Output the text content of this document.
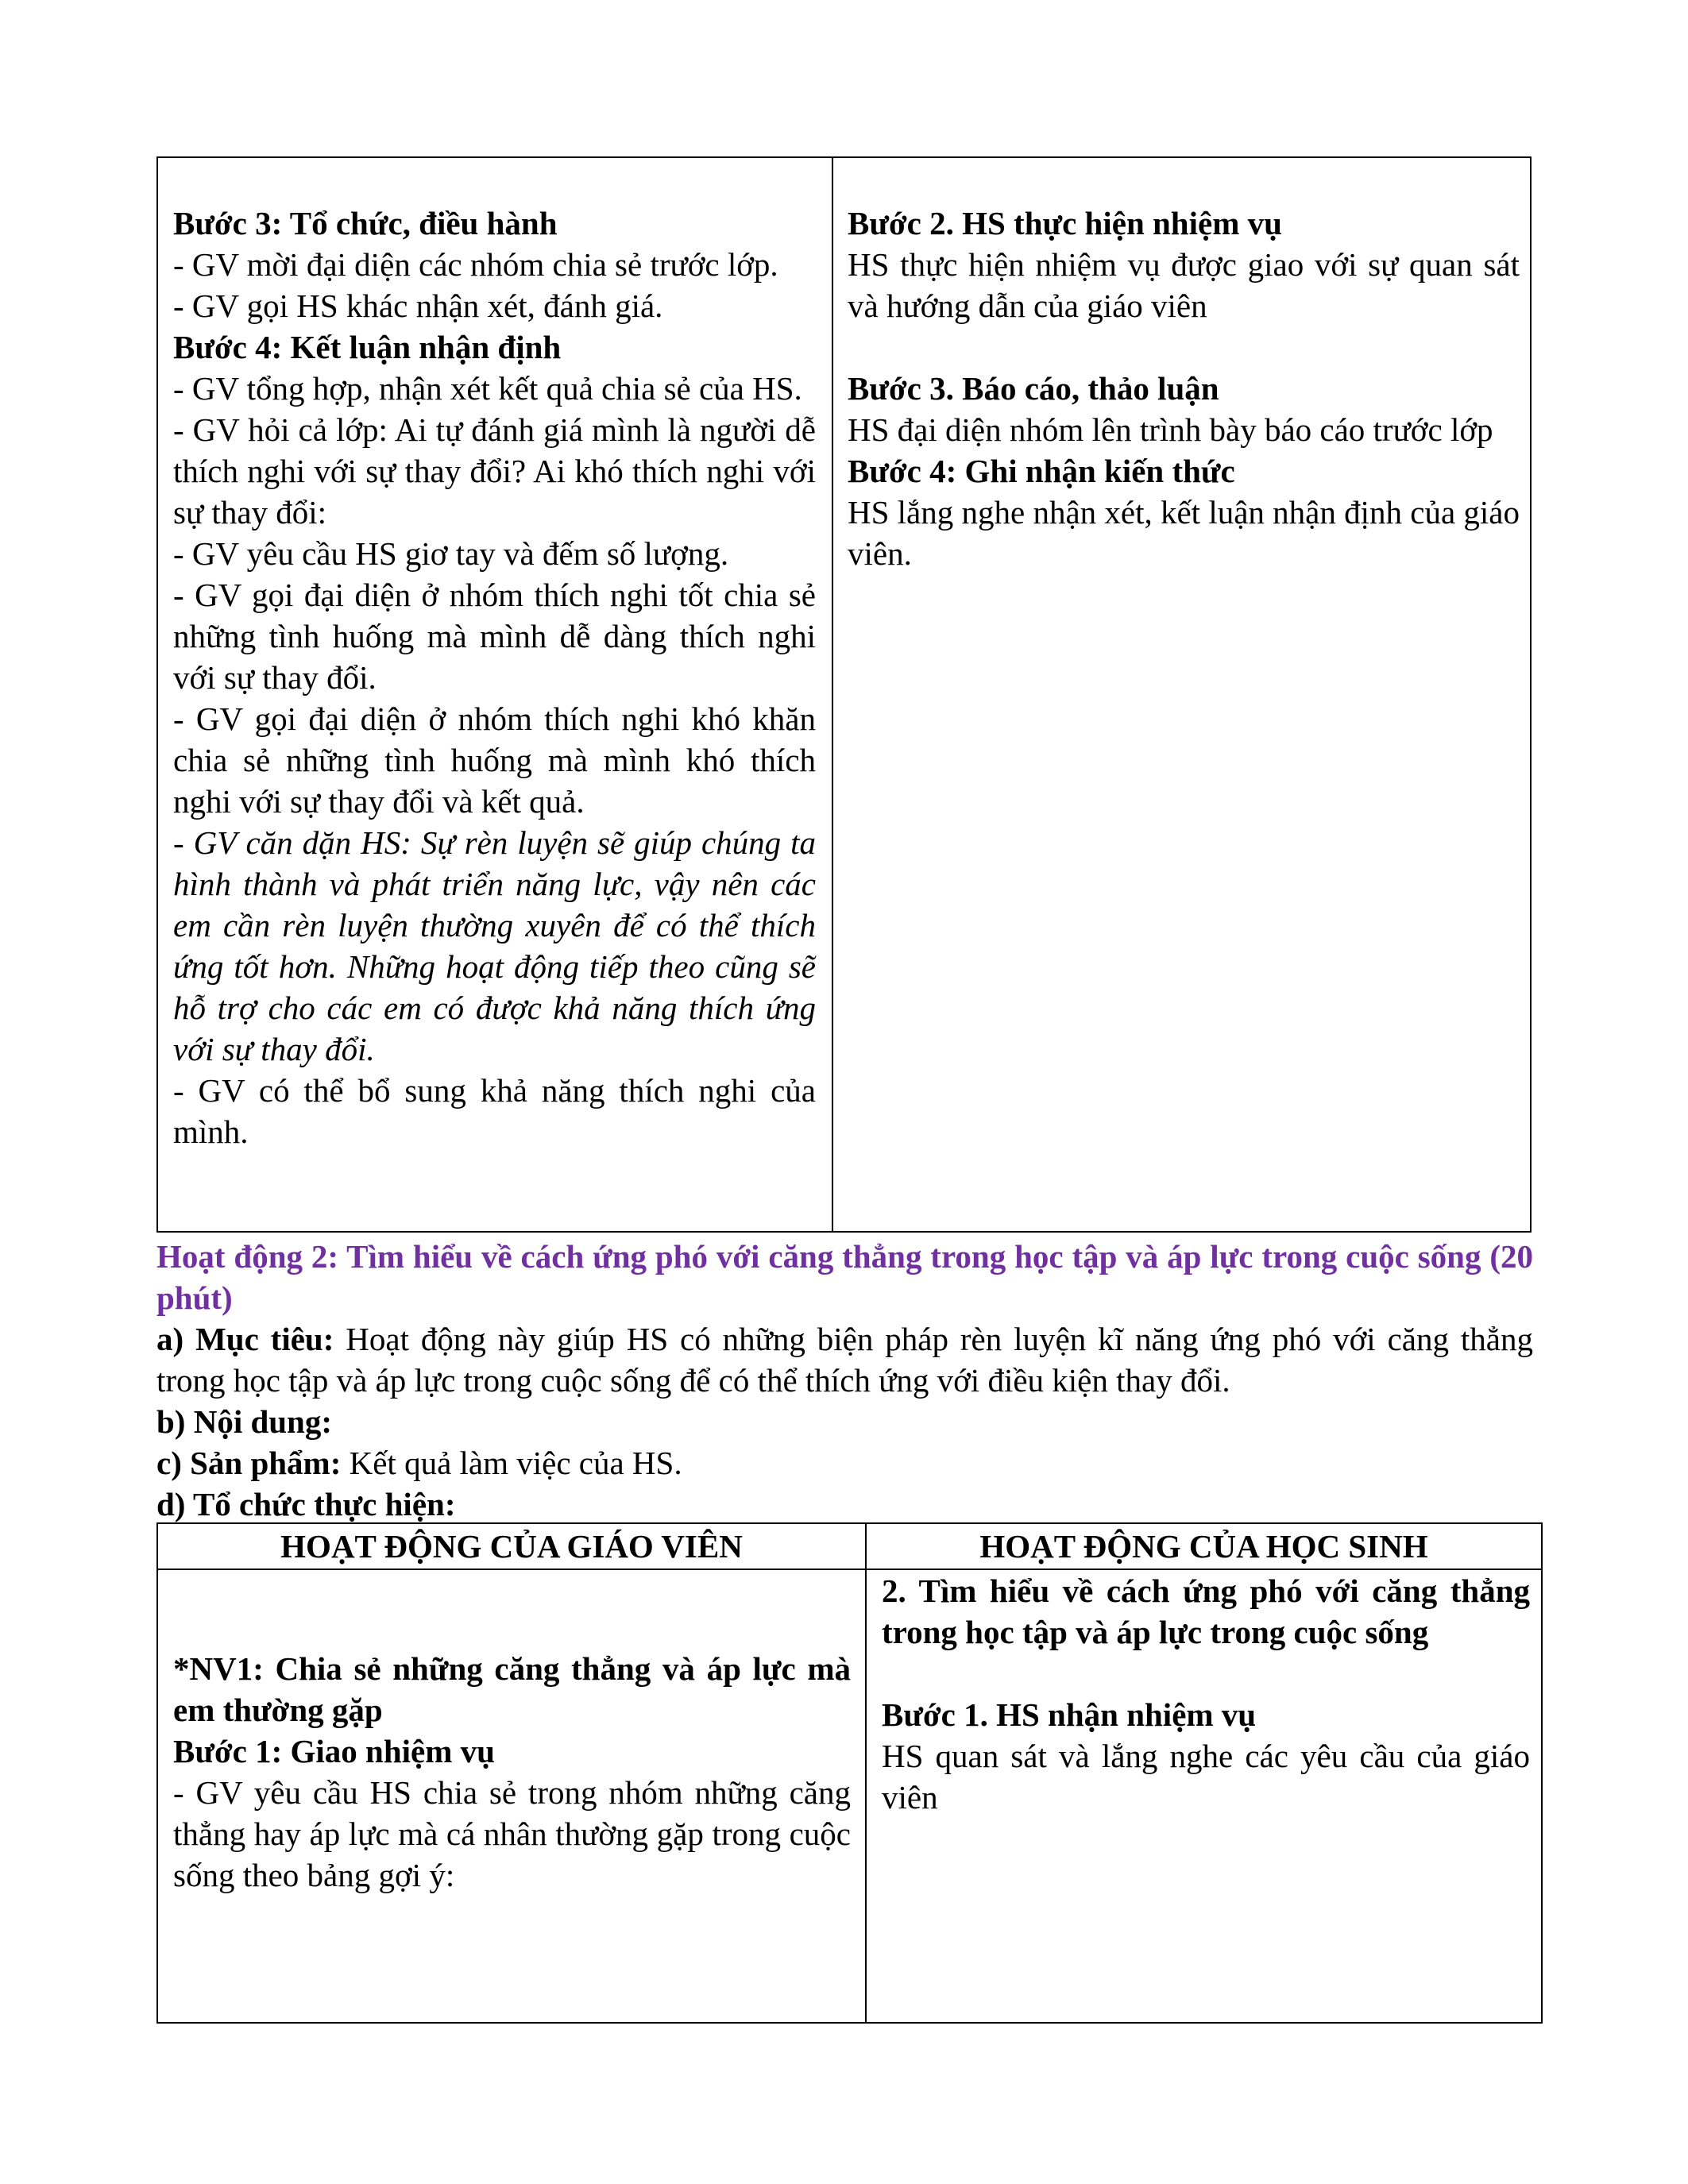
Bước 3: Tổ chức, điều hành

- GV mời đại diện các nhóm chia sẻ trước lớp.

- GV gọi HS khác nhận xét, đánh giá.

Bước 4: Kết luận nhận định

- GV tổng hợp, nhận xét kết quả chia sẻ của HS.

- GV hỏi cả lớp: Ai tự đánh giá mình là người dễ thích nghi với sự thay đổi? Ai khó thích nghi với sự thay đổi:

- GV yêu cầu HS giơ tay và đếm số lượng.

- GV gọi đại diện ở nhóm thích nghi tốt chia sẻ những tình huống mà mình dễ dàng thích nghi với sự thay đổi.

- GV gọi đại diện ở nhóm thích nghi khó khăn chia sẻ những tình huống mà mình khó thích nghi với sự thay đổi và kết quả.

- GV căn dặn HS: Sự rèn luyện sẽ giúp chúng ta hình thành và phát triển năng lực, vậy nên các em cần rèn luyện thường xuyên để có thể thích ứng tốt hơn. Những hoạt động tiếp theo cũng sẽ hỗ trợ cho các em có được khả năng thích ứng với sự thay đổi.

- GV có thể bổ sung khả năng thích nghi của mình.

Bước 2. HS thực hiện nhiệm vụ

HS thực hiện nhiệm vụ được giao với sự quan sát và hướng dẫn của giáo viên

Bước 3. Báo cáo, thảo luận

HS đại diện nhóm lên trình bày báo cáo trước lớp

Bước 4: Ghi nhận kiến thức

HS lắng nghe nhận xét, kết luận nhận định của giáo viên.

Hoạt động 2: Tìm hiểu về cách ứng phó với căng thẳng trong học tập và áp lực trong cuộc sống (20 phút)

a) Mục tiêu: Hoạt động này giúp HS có những biện pháp rèn luyện kĩ năng ứng phó với căng thẳng trong học tập và áp lực trong cuộc sống để có thể thích ứng với điều kiện thay đổi.

b) Nội dung:

c) Sản phẩm: Kết quả làm việc của HS.

d) Tổ chức thực hiện:

HOẠT ĐỘNG CỦA GIÁO VIÊN	HOẠT ĐỘNG CỦA HỌC SINH

*NV1: Chia sẻ những căng thẳng và áp lực mà em thường gặp

Bước 1: Giao nhiệm vụ

- GV yêu cầu HS chia sẻ trong nhóm những căng thẳng hay áp lực mà cá nhân thường gặp trong cuộc sống theo bảng gợi ý:

2. Tìm hiểu về cách ứng phó với căng thẳng trong học tập và áp lực trong cuộc sống

Bước 1. HS nhận nhiệm vụ

HS quan sát và lắng nghe các yêu cầu của giáo viên
